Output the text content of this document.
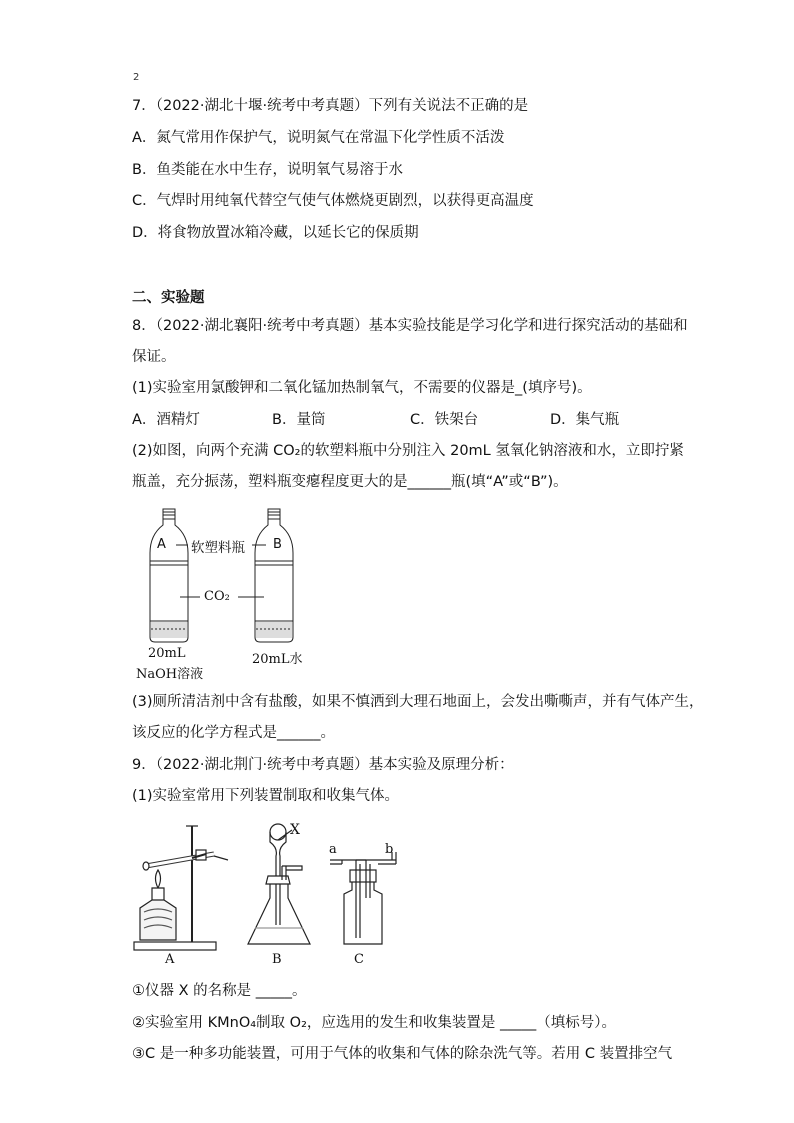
2
7．（2022·湖北十堰·统考中考真题）下列有关说法不正确的是
A．氮气常用作保护气，说明氮气在常温下化学性质不活泼
B．鱼类能在水中生存，说明氧气易溶于水
C．气焊时用纯氧代替空气使气体燃烧更剧烈，以获得更高温度
D．将食物放置冰箱冷藏，以延长它的保质期
二、实验题
8．（2022·湖北襄阳·统考中考真题）基本实验技能是学习化学和进行探究活动的基础和
保证。
(1)实验室用氯酸钾和二氧化锰加热制氧气，不需要的仪器是_(填序号)。
A．酒精灯	B．量筒	C．铁架台	D．集气瓶
(2)如图，向两个充满 CO₂的软塑料瓶中分别注入 20mL 氢氧化钠溶液和水，立即拧紧
瓶盖，充分振荡，塑料瓶变瘪程度更大的是______瓶(填“A”或“B”)。
A	B
软塑料瓶
CO₂
20mL
NaOH溶液
20mL水
(3)厕所清洁剂中含有盐酸，如果不慎洒到大理石地面上，会发出嘶嘶声，并有气体产生，
该反应的化学方程式是______。
9．（2022·湖北荆门·统考中考真题）基本实验及原理分析：
(1)实验室常用下列装置制取和收集气体。
X
a	b
A	B	C
①仪器 X 的名称是 _____。
②实验室用 KMnO₄制取 O₂，应选用的发生和收集装置是 _____（填标号）。
③C 是一种多功能装置，可用于气体的收集和气体的除杂洗气等。若用 C 装置排空气
